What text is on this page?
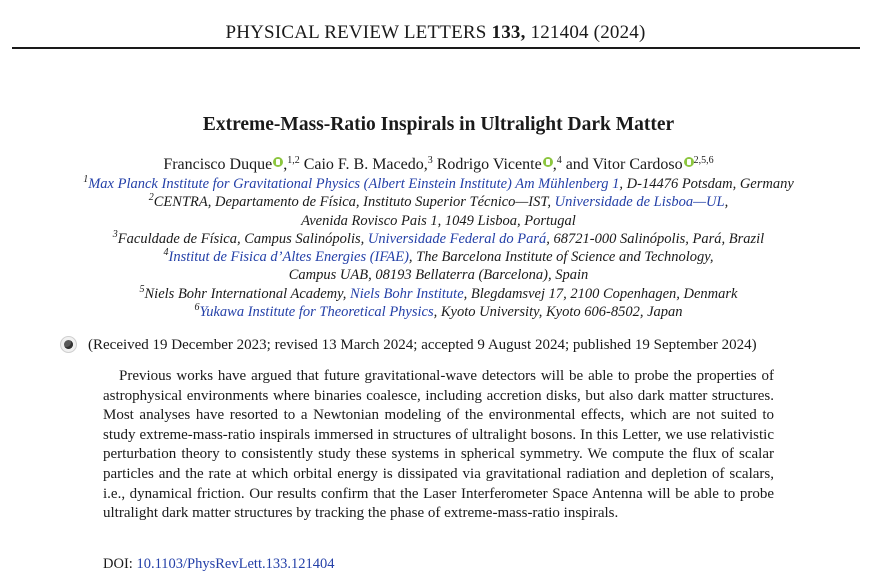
PHYSICAL REVIEW LETTERS 133, 121404 (2024)
Extreme-Mass-Ratio Inspirals in Ultralight Dark Matter
Francisco Duque ,$^{1,2}$ Caio F. B. Macedo,$^3$ Rodrigo Vicente ,$^4$ and Vitor Cardoso $^{2,5,6}$
$^1$Max Planck Institute for Gravitational Physics (Albert Einstein Institute) Am Mühlenberg 1, D-14476 Potsdam, Germany
$^2$CENTRA, Departamento de Física, Instituto Superior Técnico—IST, Universidade de Lisboa—UL,
Avenida Rovisco Pais 1, 1049 Lisboa, Portugal
$^3$Faculdade de Física, Campus Salinópolis, Universidade Federal do Pará, 68721-000 Salinópolis, Pará, Brazil
$^4$Institut de Fisica d’Altes Energies (IFAE), The Barcelona Institute of Science and Technology,
Campus UAB, 08193 Bellaterra (Barcelona), Spain
$^5$Niels Bohr International Academy, Niels Bohr Institute, Blegdamsvej 17, 2100 Copenhagen, Denmark
$^6$Yukawa Institute for Theoretical Physics, Kyoto University, Kyoto 606-8502, Japan
(Received 19 December 2023; revised 13 March 2024; accepted 9 August 2024; published 19 September 2024)

Previous works have argued that future gravitational-wave detectors will be able to probe the properties of astrophysical environments where binaries coalesce, including accretion disks, but also dark matter structures. Most analyses have resorted to a Newtonian modeling of the environmental effects, which are not suited to study extreme-mass-ratio inspirals immersed in structures of ultralight bosons. In this Letter, we use relativistic perturbation theory to consistently study these systems in spherical symmetry. We compute the flux of scalar particles and the rate at which orbital energy is dissipated via gravitational radiation and depletion of scalars, i.e., dynamical friction. Our results confirm that the Laser Interferometer Space Antenna will be able to probe ultralight dark matter structures by tracking the phase of extreme-mass-ratio inspirals.

DOI: 10.1103/PhysRevLett.133.121404
